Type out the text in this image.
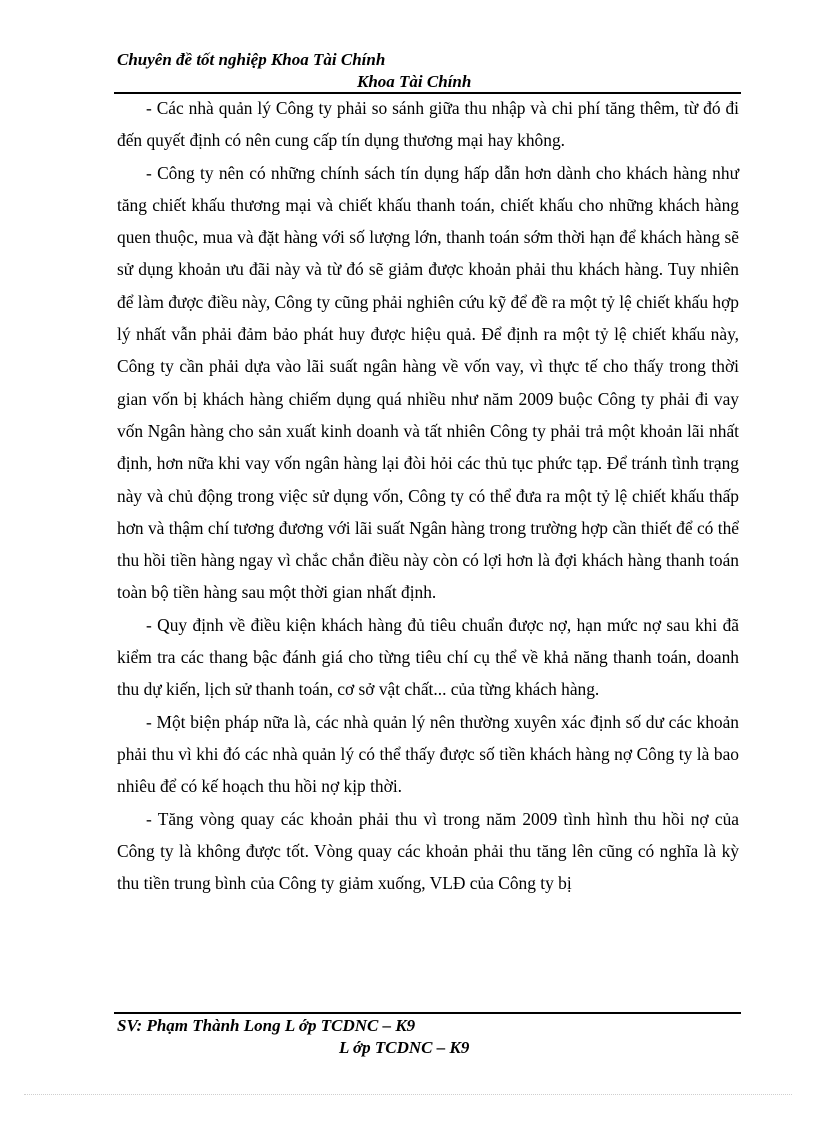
Chuyên đề tốt nghiệp Khoa Tài Chính
Khoa Tài Chính

- Các nhà quản lý Công ty phải so sánh giữa thu nhập và chi phí tăng thêm, từ đó đi đến quyết định có nên cung cấp tín dụng thương mại hay không.

- Công ty nên có những chính sách tín dụng hấp dẫn hơn dành cho khách hàng như tăng chiết khấu thương mại và chiết khấu thanh toán, chiết khấu cho những khách hàng quen thuộc, mua và đặt hàng với số lượng lớn, thanh toán sớm thời hạn để khách hàng sẽ sử dụng khoản ưu đãi này và từ đó sẽ giảm được khoản phải thu khách hàng. Tuy nhiên để làm được điều này, Công ty cũng phải nghiên cứu kỹ để đề ra một tỷ lệ chiết khấu hợp lý nhất vẫn phải đảm bảo phát huy được hiệu quả. Để định ra một tỷ lệ chiết khấu này, Công ty cần phải dựa vào lãi suất ngân hàng về vốn vay, vì thực tế cho thấy trong thời gian vốn bị khách hàng chiếm dụng quá nhiều như năm 2009 buộc Công ty phải đi vay vốn Ngân hàng cho sản xuất kinh doanh và tất nhiên Công ty phải trả một khoản lãi nhất định, hơn nữa khi vay vốn ngân hàng lại đòi hỏi các thủ tục phức tạp. Để tránh tình trạng này và chủ động trong việc sử dụng vốn, Công ty có thể đưa ra một tỷ lệ chiết khấu thấp hơn và thậm chí tương đương với lãi suất Ngân hàng trong trường hợp cần thiết để có thể thu hồi tiền hàng ngay vì chắc chắn điều này còn có lợi hơn là đợi khách hàng thanh toán toàn bộ tiền hàng sau một thời gian nhất định.

- Quy định về điều kiện khách hàng đủ tiêu chuẩn được nợ, hạn mức nợ sau khi đã kiểm tra các thang bậc đánh giá cho từng tiêu chí cụ thể về khả năng thanh toán, doanh thu dự kiến, lịch sử thanh toán, cơ sở vật chất... của từng khách hàng.

- Một biện pháp nữa là, các nhà quản lý nên thường xuyên xác định số dư các khoản phải thu vì khi đó các nhà quản lý có thể thấy được số tiền khách hàng nợ Công ty là bao nhiêu để có kế hoạch thu hồi nợ kịp thời.

- Tăng vòng quay các khoản phải thu vì trong năm 2009 tình hình thu hồi nợ của Công ty là không được tốt. Vòng quay các khoản phải thu tăng lên cũng có nghĩa là kỳ thu tiền trung bình của Công ty giảm xuống, VLĐ của Công ty bị

SV: Phạm Thành Long L ớp TCDNC – K9
L ớp TCDNC – K9
